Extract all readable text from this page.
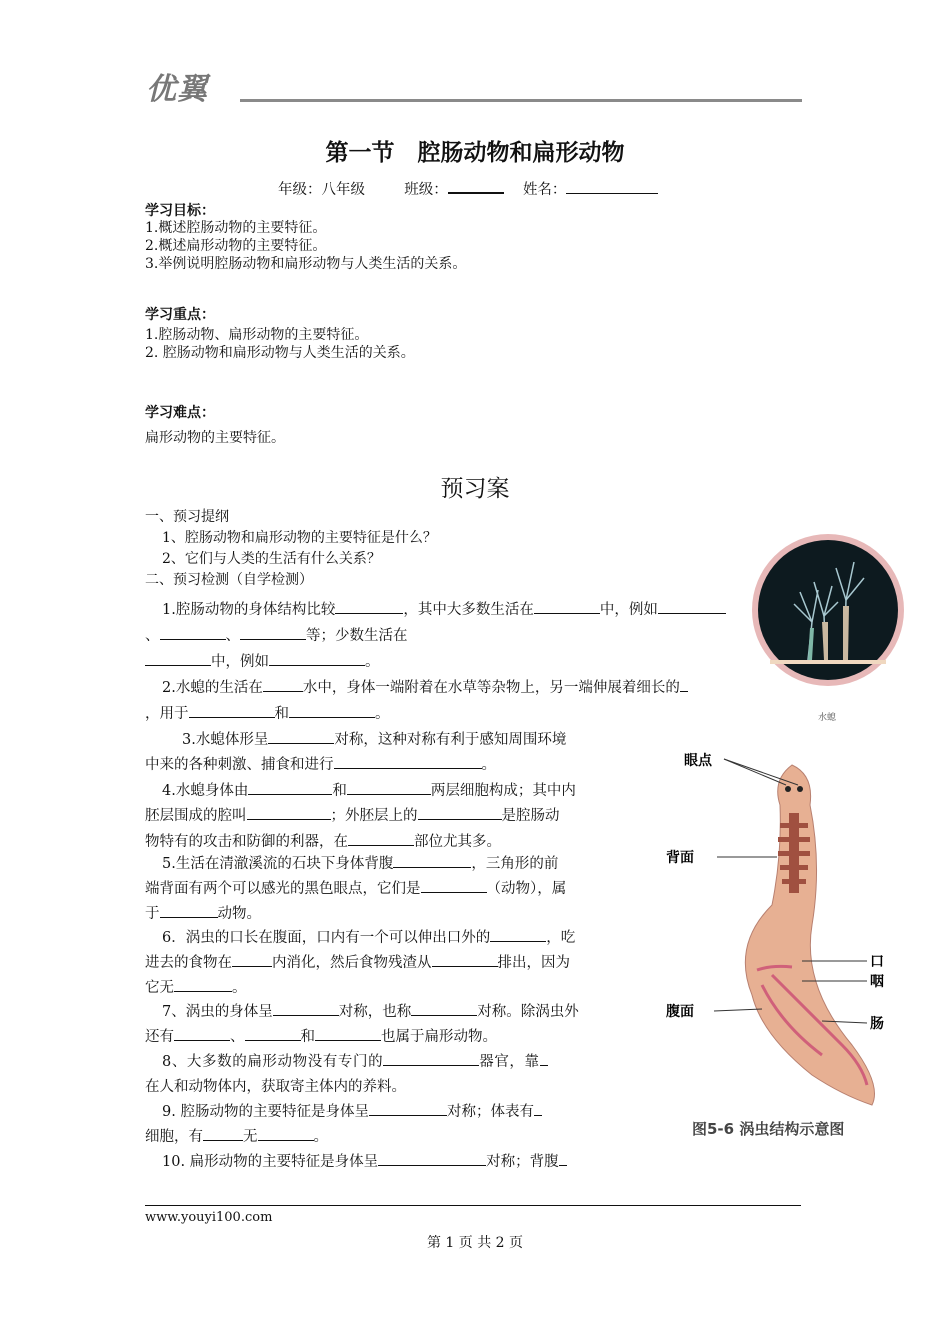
优翼
第一节　腔肠动物和扁形动物
年级：八年级	班级：	姓名：
学习目标：
1.概述腔肠动物的主要特征。
2.概述扁形动物的主要特征。
3.举例说明腔肠动物和扁形动物与人类生活的关系。
学习重点：
1.腔肠动物、扁形动物的主要特征。
2. 腔肠动物和扁形动物与人类生活的关系。
学习难点：
扁形动物的主要特征。
预习案
一、预习提纲
1、腔肠动物和扁形动物的主要特征是什么？
2、它们与人类的生活有什么关系？
二、预习检测（自学检测）
1.腔肠动物的身体结构比较	，其中大多数生活在	中，例如
、	、	等；少数生活在
中，例如	。
2.水螅的生活在	水中，身体一端附着在水草等杂物上，另一端伸展着细长的
，用于	和	。
3.水螅体形呈	对称，这种对称有利于感知周围环境
中来的各种刺激、捕食和进行	。
4.水螅身体由	和	两层细胞构成；其中内
胚层围成的腔叫	；外胚层上的	是腔肠动
物特有的攻击和防御的利器，在	部位尤其多。
5.生活在清澈溪流的石块下身体背腹	，三角形的前
端背面有两个可以感光的黑色眼点，它们是	（动物），属
于	动物。
6．涡虫的口长在腹面，口内有一个可以伸出口外的	，吃
进去的食物在	内消化，然后食物残渣从	排出，因为
它无	。
7、涡虫的身体呈	对称，也称	对称。除涡虫外
还有	、	和	也属于扁形动物。
8、大多数的扁形动物没有专门的	器官，靠
在人和动物体内，获取寄主体内的养料。
9. 腔肠动物的主要特征是身体呈	对称；体表有
细胞，有	无	。
10. 扁形动物的主要特征是身体呈	对称；背腹
水螅
眼点
背面
口
咽
腹面
肠
图5-6 涡虫结构示意图
www.youyi100.com
第 1 页 共 2 页
